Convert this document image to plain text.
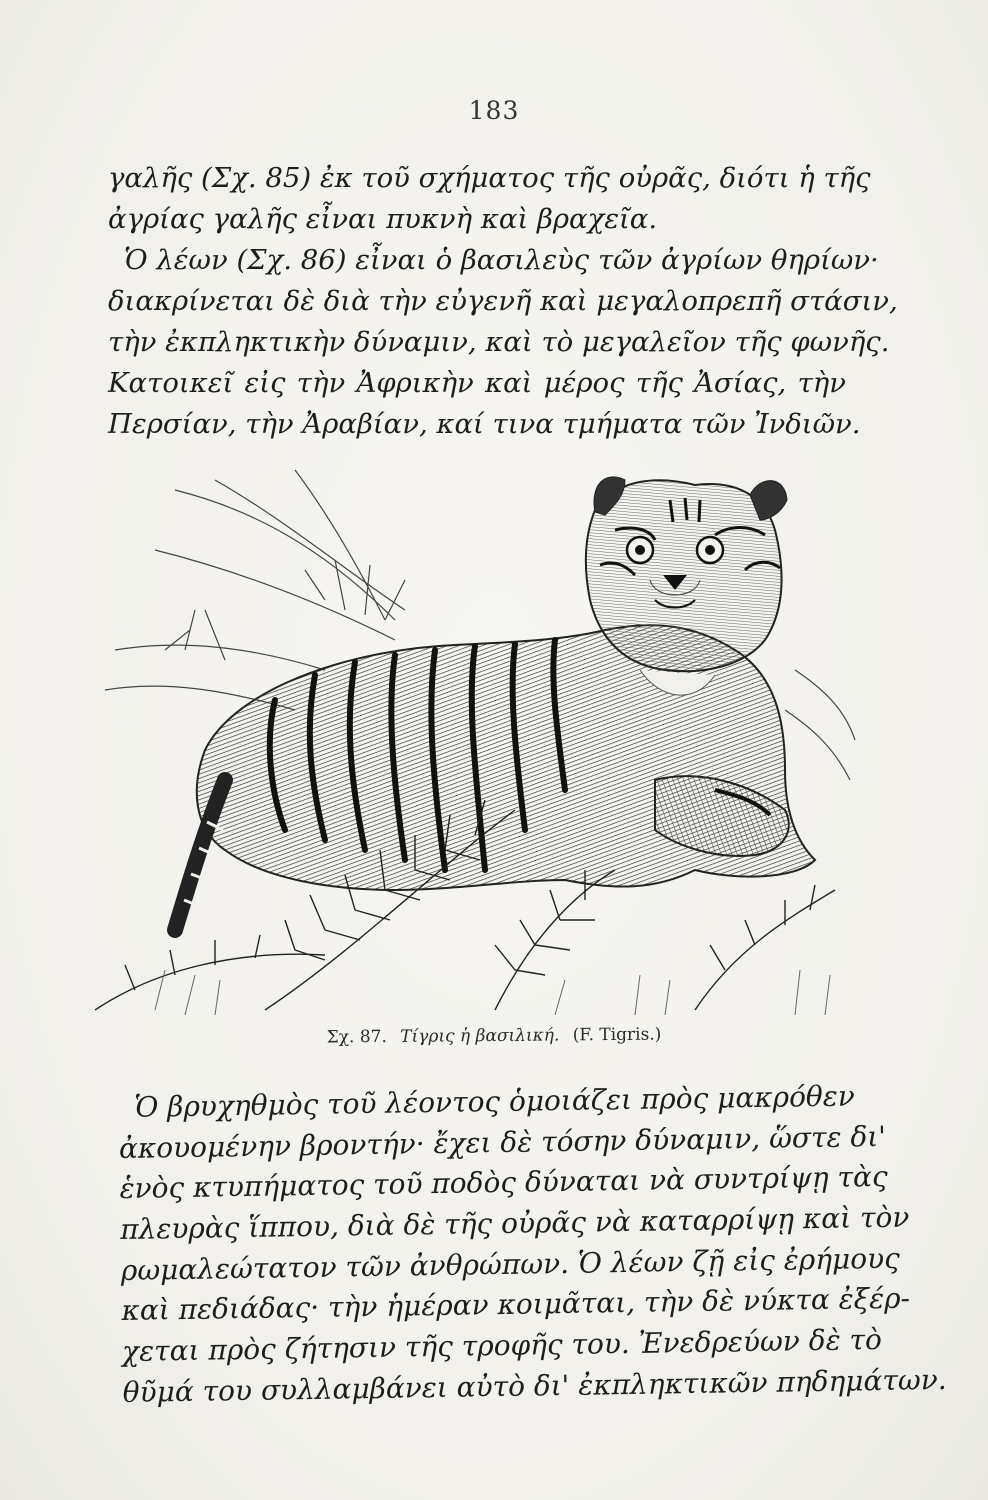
183
γαλῆς (Σχ. 85) ἐκ τοῦ σχήματος τῆς οὐρᾶς, διότι ἡ τῆς
ἀγρίας γαλῆς εἶναι πυκνὴ καὶ βραχεῖα.
Ὁ λέων (Σχ. 86) εἶναι ὁ βασιλεὺς τῶν ἀγρίων θηρίων·
διακρίνεται δὲ διὰ τὴν εὐγενῆ καὶ μεγαλοπρεπῆ στάσιν,
τὴν ἐκπληκτικὴν δύναμιν, καὶ τὸ μεγαλεῖον τῆς φωνῆς.
Κατοικεῖ εἰς τὴν Ἀφρικὴν καὶ μέρος τῆς Ἀσίας, τὴν
Περσίαν, τὴν Ἀραβίαν, καί τινα τμήματα τῶν Ἰνδιῶν.
Σχ. 87. Τίγρις ἡ βασιλική. (F. Tigris.)
Ὁ βρυχηθμὸς τοῦ λέοντος ὁμοιάζει πρὸς μακρόθεν
ἀκουομένην βροντήν· ἔχει δὲ τόσην δύναμιν, ὥστε δι'
ἑνὸς κτυπήματος τοῦ ποδὸς δύναται νὰ συντρίψῃ τὰς
πλευρὰς ἵππου, διὰ δὲ τῆς οὐρᾶς νὰ καταρρίψῃ καὶ τὸν
ρωμαλεώτατον τῶν ἀνθρώπων. Ὁ λέων ζῇ εἰς ἐρήμους
καὶ πεδιάδας· τὴν ἡμέραν κοιμᾶται, τὴν δὲ νύκτα ἐξέρ-
χεται πρὸς ζήτησιν τῆς τροφῆς του. Ἐνεδρεύων δὲ τὸ
θῦμά του συλλαμβάνει αὐτὸ δι' ἐκπληκτικῶν πηδημάτων.
